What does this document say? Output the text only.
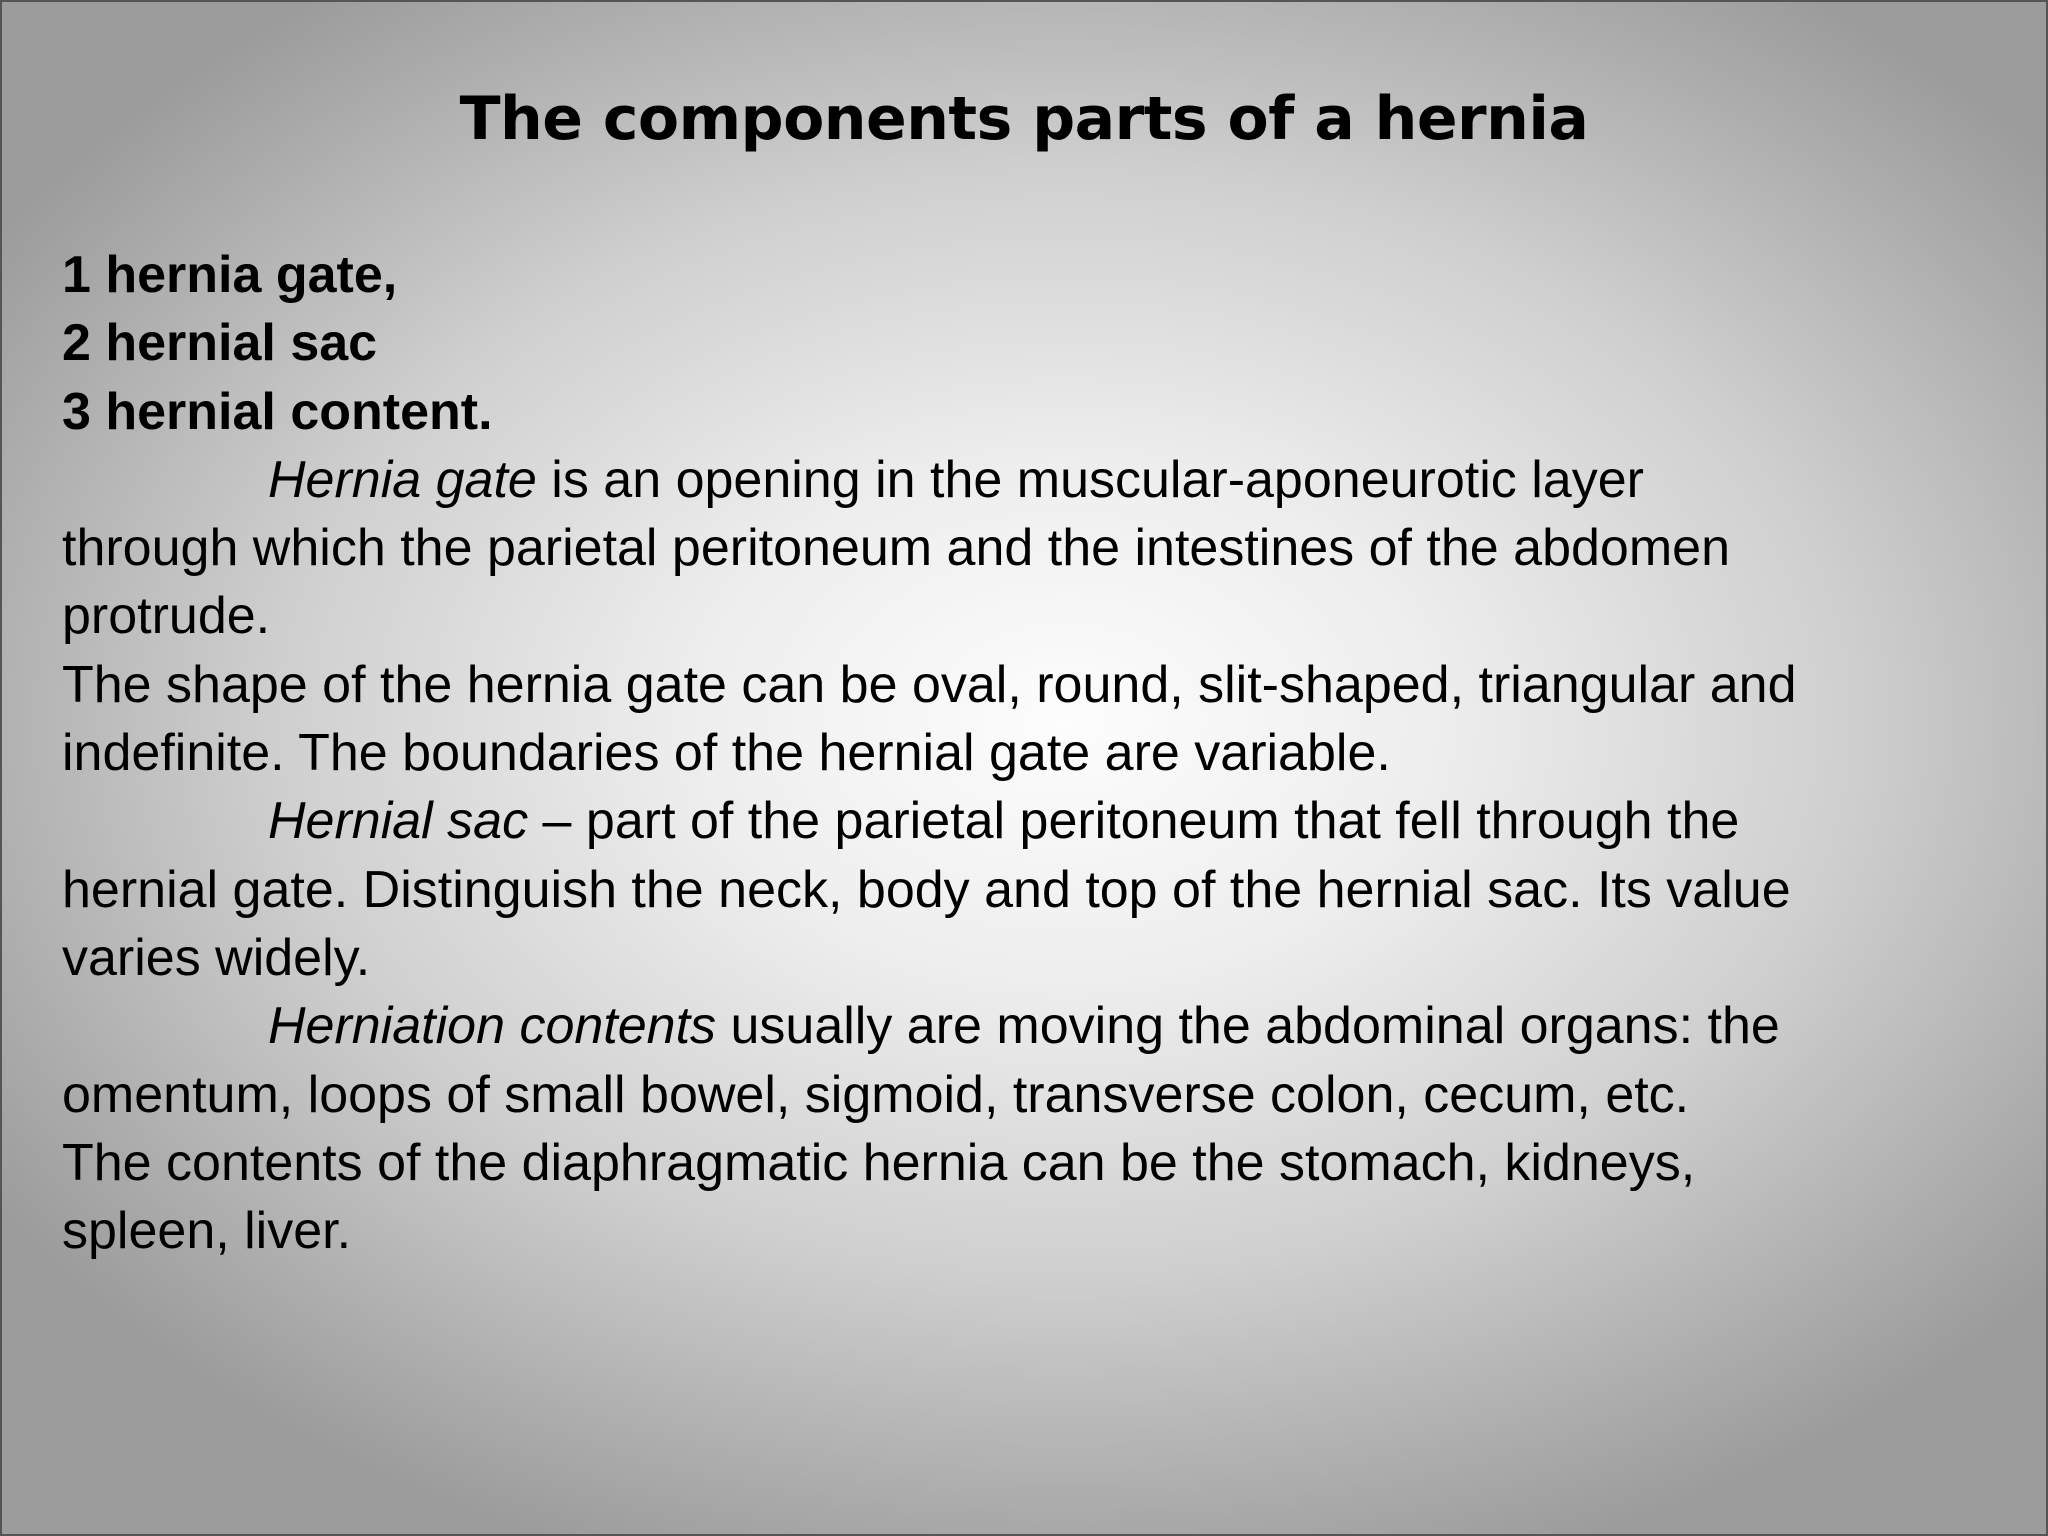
The components parts of a hernia
1 hernia gate,
2 hernial sac
3 hernial content.
Hernia gate is an opening in the muscular-aponeurotic layer
through which the parietal peritoneum and the intestines of the abdomen
protrude.
The shape of the hernia gate can be oval, round, slit-shaped, triangular and
indefinite. The boundaries of the hernial gate are variable.
Hernial sac – part of the parietal peritoneum that fell through the
hernial gate. Distinguish the neck, body and top of the hernial sac. Its value
varies widely.
Herniation contents usually are moving the abdominal organs: the
omentum, loops of small bowel, sigmoid, transverse colon, cecum, etc.
The contents of the diaphragmatic hernia can be the stomach, kidneys,
spleen, liver.
